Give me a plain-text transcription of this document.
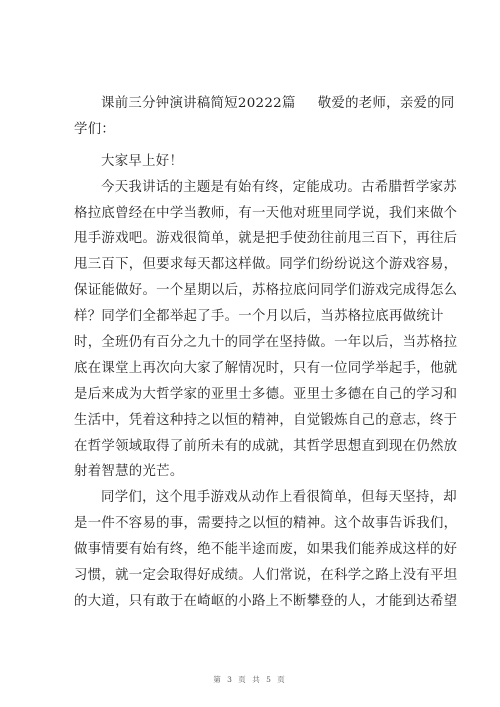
课前三分钟演讲稿简短20222篇 敬爱的老师，亲爱的同
学们：
大家早上好！
今天我讲话的主题是有始有终，定能成功。古希腊哲学家苏
格拉底曾经在中学当教师，有一天他对班里同学说，我们来做个
甩手游戏吧。游戏很简单，就是把手使劲往前甩三百下，再往后
甩三百下，但要求每天都这样做。同学们纷纷说这个游戏容易，
保证能做好。一个星期以后，苏格拉底问同学们游戏完成得怎么
样？同学们全都举起了手。一个月以后，当苏格拉底再做统计
时，全班仍有百分之九十的同学在坚持做。一年以后，当苏格拉
底在课堂上再次向大家了解情况时，只有一位同学举起手，他就
是后来成为大哲学家的亚里士多德。亚里士多德在自己的学习和
生活中，凭着这种持之以恒的精神，自觉锻炼自己的意志，终于
在哲学领域取得了前所未有的成就，其哲学思想直到现在仍然放
射着智慧的光芒。
同学们，这个甩手游戏从动作上看很简单，但每天坚持，却
是一件不容易的事，需要持之以恒的精神。这个故事告诉我们，
做事情要有始有终，绝不能半途而废，如果我们能养成这样的好
习惯，就一定会取得好成绩。人们常说，在科学之路上没有平坦
的大道，只有敢于在崎岖的小路上不断攀登的人，才能到达希望
第 3 页 共 5 页
